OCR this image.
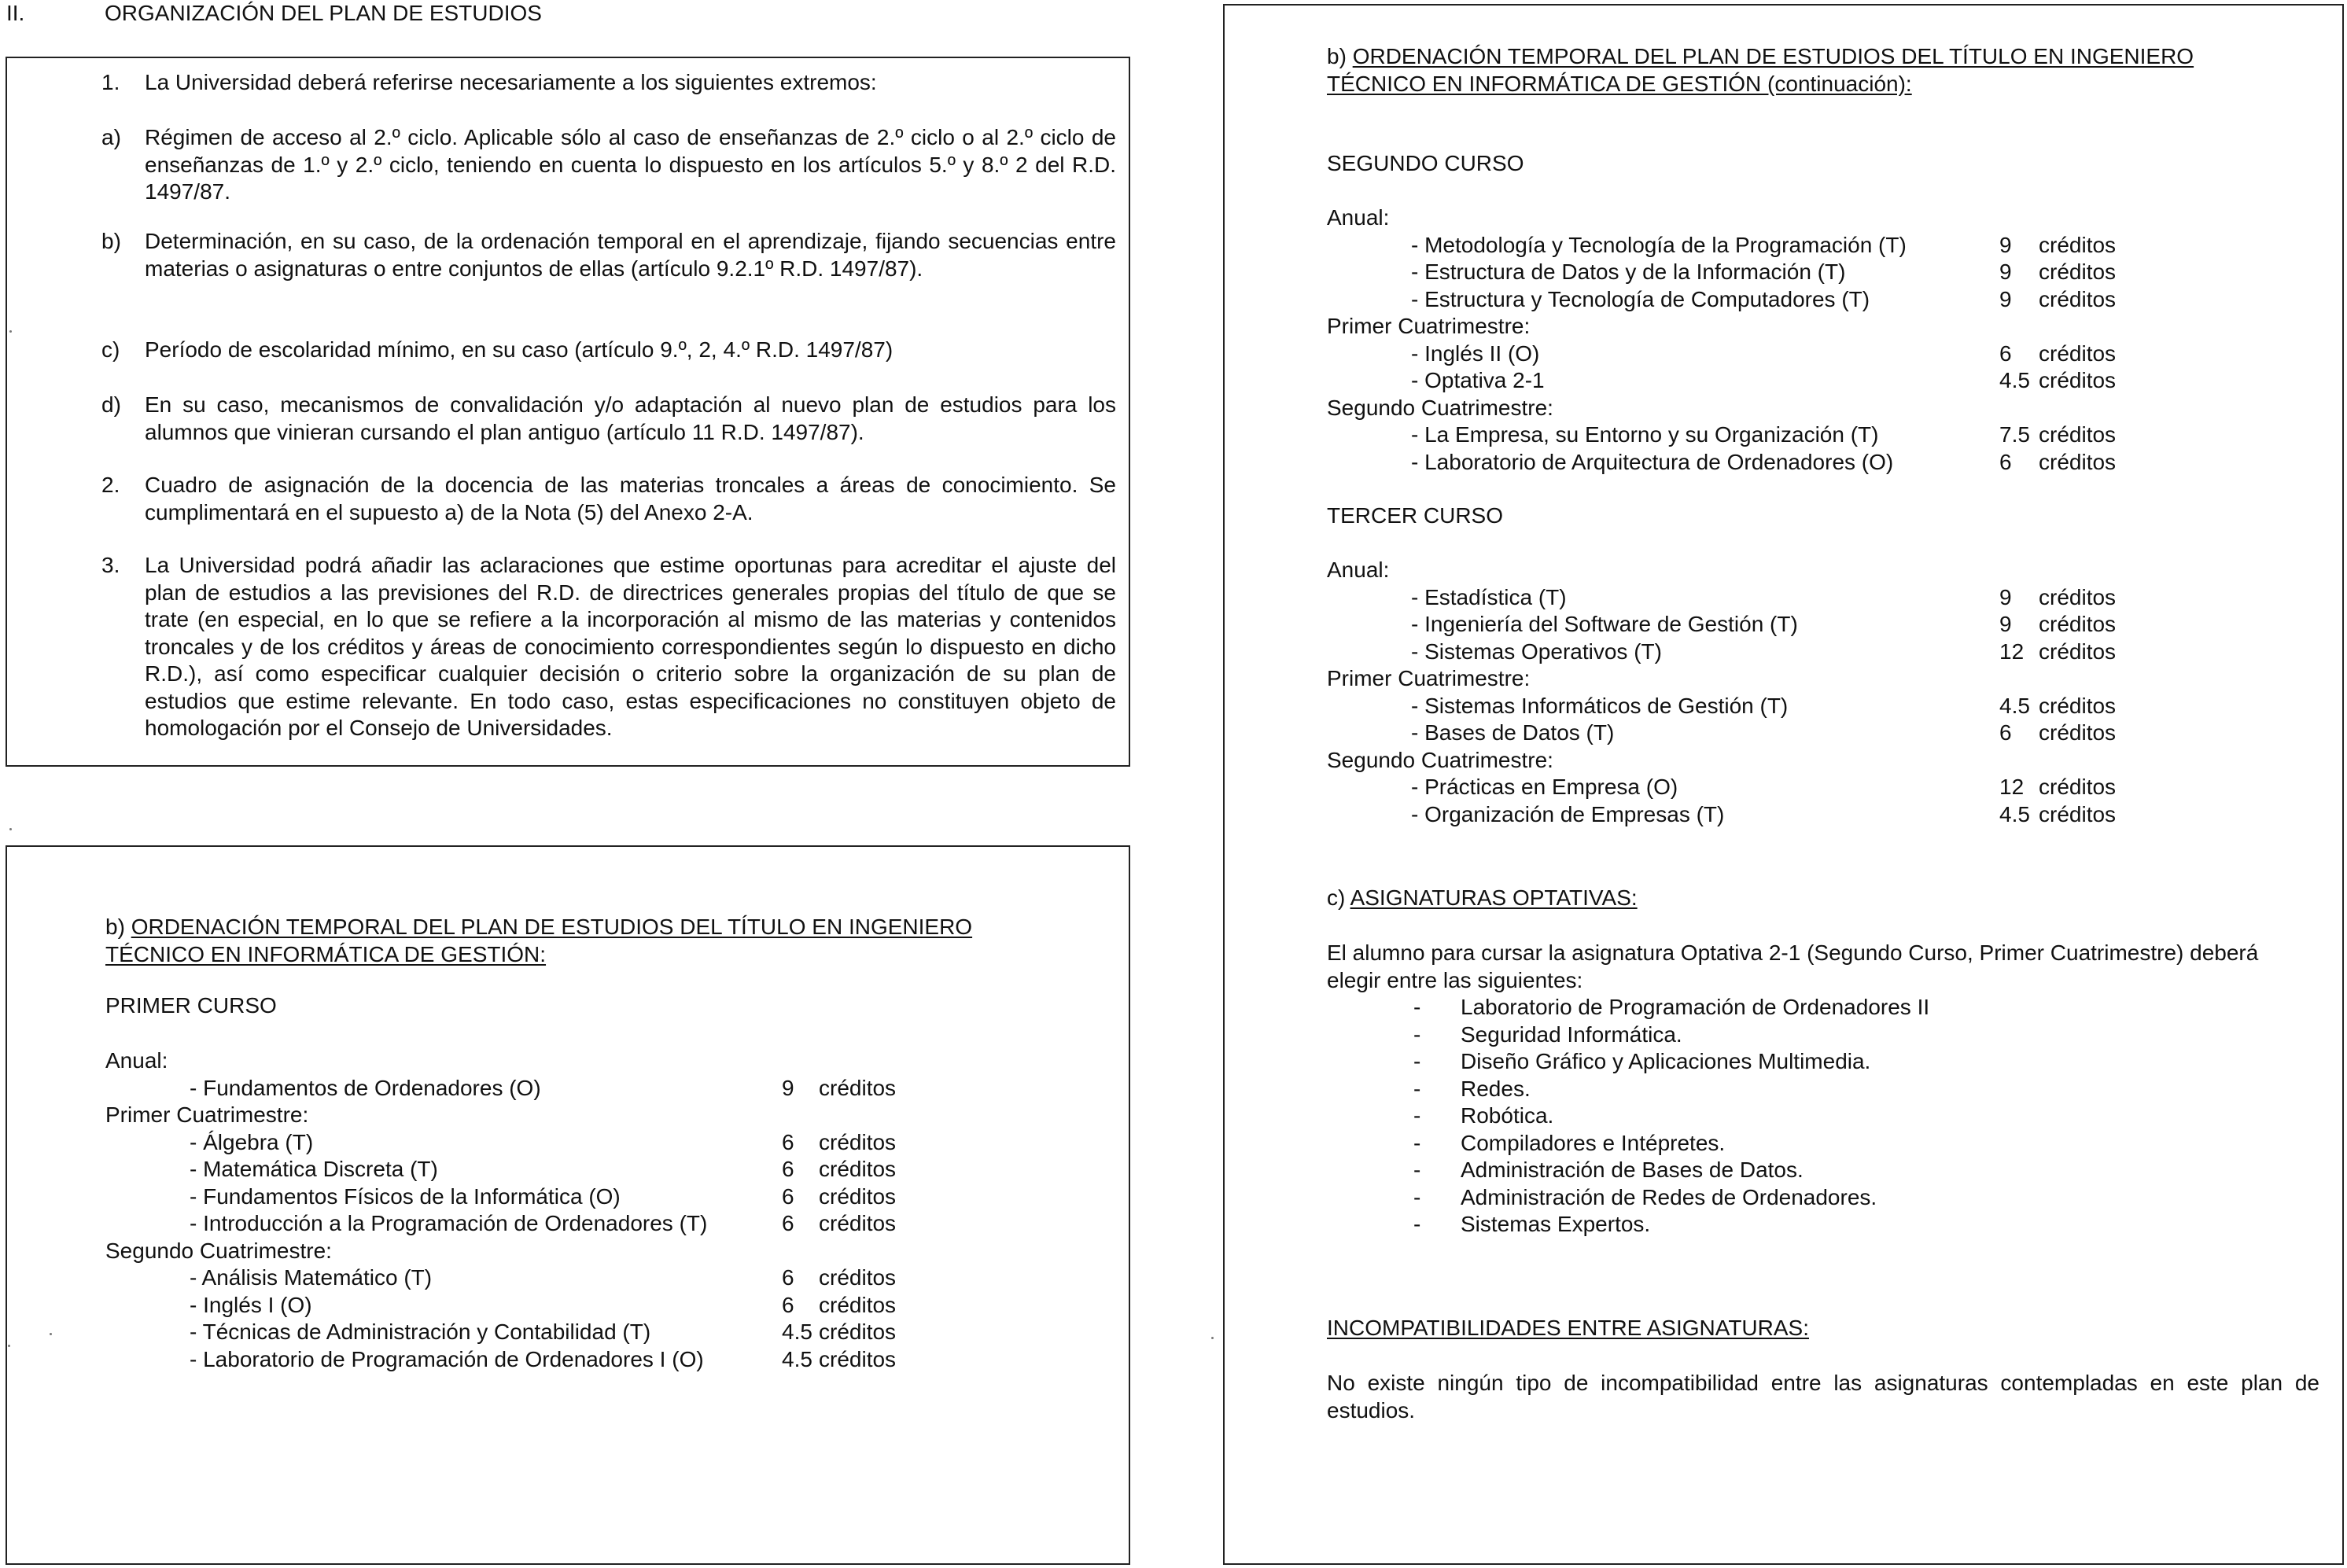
II.	ORGANIZACIÓN DEL PLAN DE ESTUDIOS
1. La Universidad deberá referirse necesariamente a los siguientes extremos:
a) Régimen de acceso al 2.º ciclo. Aplicable sólo al caso de enseñanzas de 2.º ciclo o al 2.º ciclo de enseñanzas de 1.º y 2.º ciclo, teniendo en cuenta lo dispuesto en los artículos 5.º y 8.º 2 del R.D. 1497/87.
b) Determinación, en su caso, de la ordenación temporal en el aprendizaje, fijando secuencias entre materias o asignaturas o entre conjuntos de ellas (artículo 9.2.1º R.D. 1497/87).
c) Período de escolaridad mínimo, en su caso (artículo 9.º, 2, 4.º R.D. 1497/87)
d) En su caso, mecanismos de convalidación y/o adaptación al nuevo plan de estudios para los alumnos que vinieran cursando el plan antiguo (artículo 11 R.D. 1497/87).
2. Cuadro de asignación de la docencia de las materias troncales a áreas de conocimiento. Se cumplimentará en el supuesto a) de la Nota (5) del Anexo 2-A.
3. La Universidad podrá añadir las aclaraciones que estime oportunas para acreditar el ajuste del plan de estudios a las previsiones del R.D. de directrices generales propias del título de que se trate (en especial, en lo que se refiere a la incorporación al mismo de las materias y contenidos troncales y de los créditos y áreas de conocimiento correspondientes según lo dispuesto en dicho R.D.), así como especificar cualquier decisión o criterio sobre la organización de su plan de estudios que estime relevante. En todo caso, estas especificaciones no constituyen objeto de homologación por el Consejo de Universidades.
b) ORDENACIÓN TEMPORAL DEL PLAN DE ESTUDIOS DEL TÍTULO EN INGENIERO
TÉCNICO EN INFORMÁTICA DE GESTIÓN:
PRIMER CURSO
Anual:
- Fundamentos de Ordenadores (O)	9 créditos
Primer Cuatrimestre:
- Álgebra (T)	6 créditos
- Matemática Discreta (T)	6 créditos
- Fundamentos Físicos de la Informática (O)	6 créditos
- Introducción a la Programación de Ordenadores (T)	6 créditos
Segundo Cuatrimestre:
- Análisis Matemático (T)	6 créditos
- Inglés I (O)	6 créditos
- Técnicas de Administración y Contabilidad (T)	4.5 créditos
- Laboratorio de Programación de Ordenadores I (O)	4.5 créditos
b) ORDENACIÓN TEMPORAL DEL PLAN DE ESTUDIOS DEL TÍTULO EN INGENIERO
TÉCNICO EN INFORMÁTICA DE GESTIÓN (continuación):
SEGUNDO CURSO
Anual:
- Metodología y Tecnología de la Programación (T)	9 créditos
- Estructura de Datos y de la Información (T)	9 créditos
- Estructura y Tecnología de Computadores (T)	9 créditos
Primer Cuatrimestre:
- Inglés II (O)	6 créditos
- Optativa 2-1	4.5 créditos
Segundo Cuatrimestre:
- La Empresa, su Entorno y su Organización (T)	7.5 créditos
- Laboratorio de Arquitectura de Ordenadores (O)	6 créditos
TERCER CURSO
Anual:
- Estadística (T)	9 créditos
- Ingeniería del Software de Gestión (T)	9 créditos
- Sistemas Operativos (T)	12 créditos
Primer Cuatrimestre:
- Sistemas Informáticos de Gestión (T)	4.5 créditos
- Bases de Datos (T)	6 créditos
Segundo Cuatrimestre:
- Prácticas en Empresa (O)	12 créditos
- Organización de Empresas (T)	4.5 créditos
c) ASIGNATURAS OPTATIVAS:
El alumno para cursar la asignatura Optativa 2-1 (Segundo Curso, Primer Cuatrimestre) deberá elegir entre las siguientes:
- Laboratorio de Programación de Ordenadores II
- Seguridad Informática.
- Diseño Gráfico y Aplicaciones Multimedia.
- Redes.
- Robótica.
- Compiladores e Intépretes.
- Administración de Bases de Datos.
- Administración de Redes de Ordenadores.
- Sistemas Expertos.
INCOMPATIBILIDADES ENTRE ASIGNATURAS:
No existe ningún tipo de incompatibilidad entre las asignaturas contempladas en este plan de estudios.
